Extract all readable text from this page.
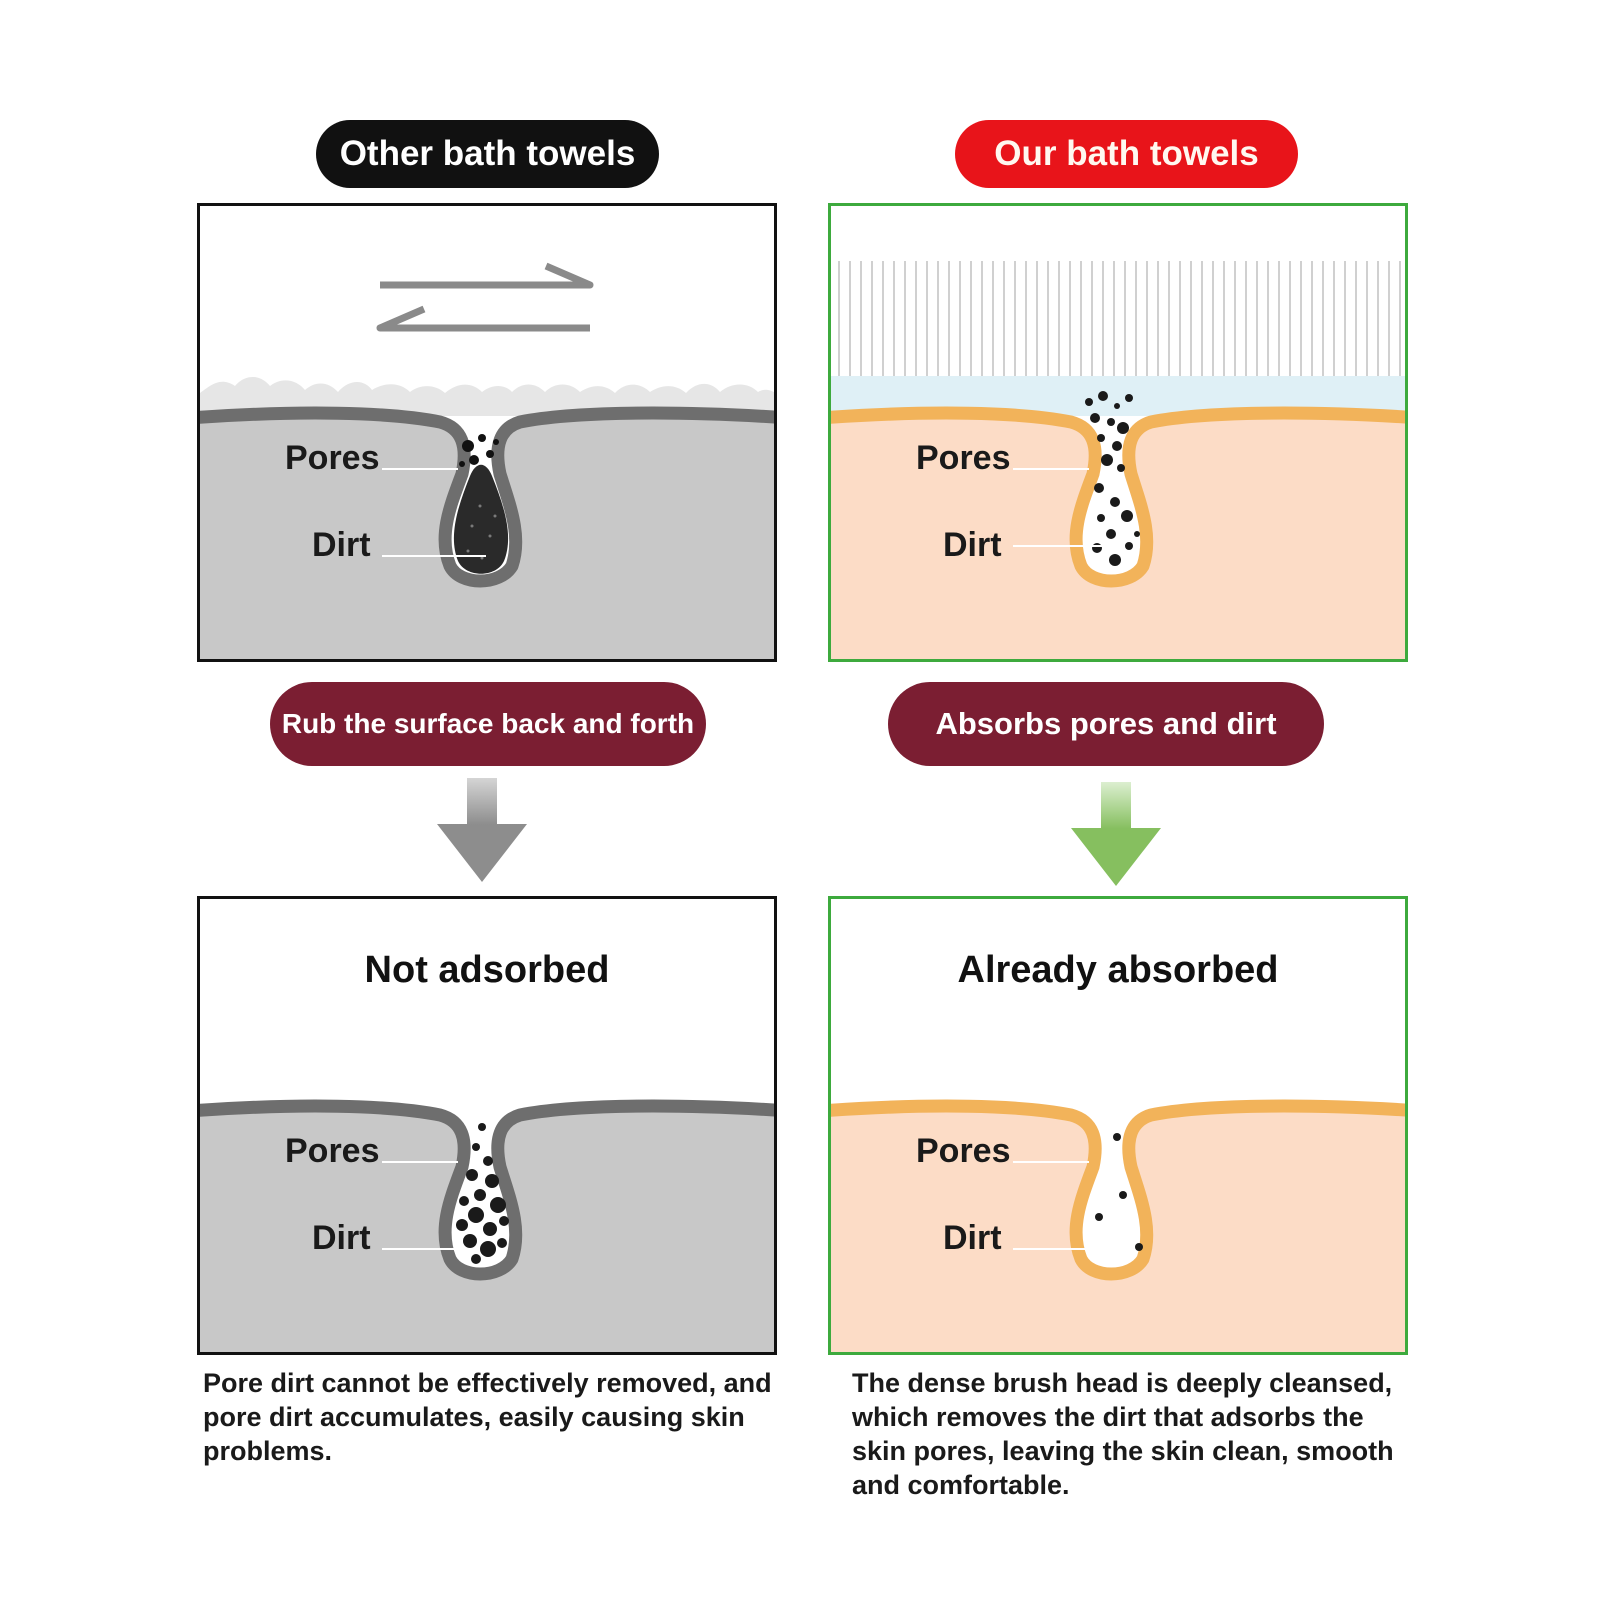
Other bath towels	Our bath towels
Pores
Dirt
Pores
Dirt
Rub the surface back and forth	Absorbs pores and dirt
Not adsorbed
Pores
Dirt
Already absorbed
Pores
Dirt
Pore dirt cannot be effectively removed, and pore dirt accumulates, easily causing skin problems.
The dense brush head is deeply cleansed, which removes the dirt that adsorbs the skin pores, leaving the skin clean, smooth and comfortable.
